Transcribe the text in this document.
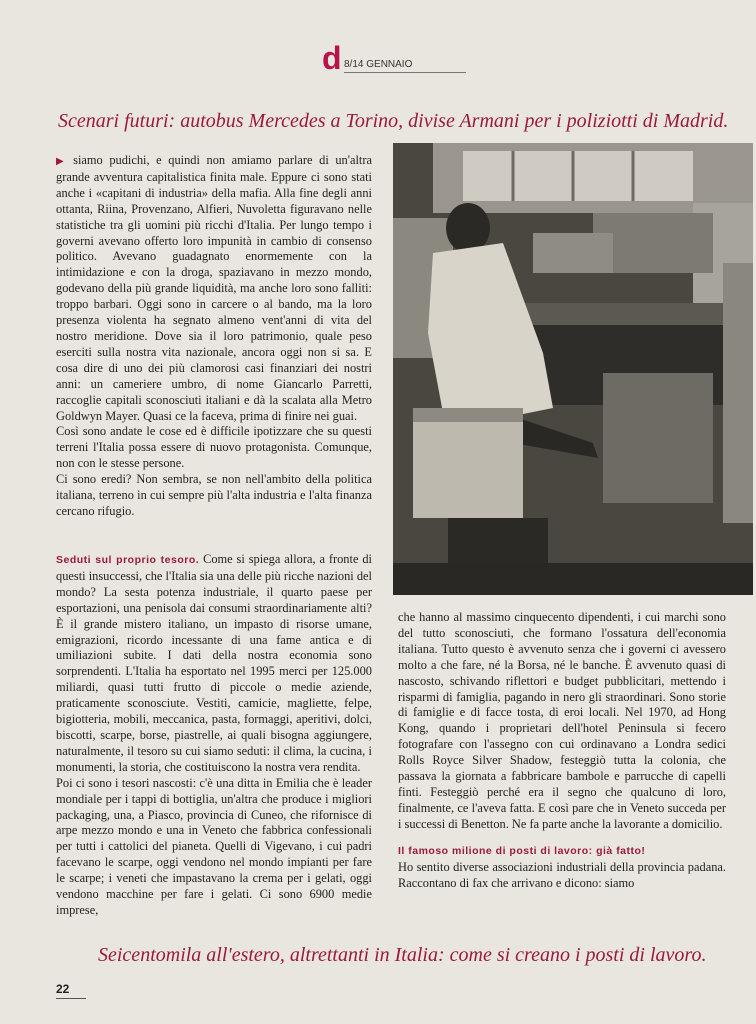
d 8/14 GENNAIO
Scenari futuri: autobus Mercedes a Torino, divise Armani per i poliziotti di Madrid.

▶ siamo pudichi, e quindi non amiamo parlare di un'altra grande avventura capitalistica finita male. Eppure ci sono stati anche i «capitani di industria» della mafia. Alla fine degli anni ottanta, Riina, Provenzano, Alfieri, Nuvoletta figuravano nelle statistiche tra gli uomini più ricchi d'Italia. Per lungo tempo i governi avevano offerto loro impunità in cambio di consenso politico. Avevano guadagnato enormemente con la intimidazione e con la droga, spaziavano in mezzo mondo, godevano della più grande liquidità, ma anche loro sono falliti: troppo barbari. Oggi sono in carcere o al bando, ma la loro presenza violenta ha segnato almeno vent'anni di vita del nostro meridione. Dove sia il loro patrimonio, quale peso eserciti sulla nostra vita nazionale, ancora oggi non si sa. E cosa dire di uno dei più clamorosi casi finanziari dei nostri anni: un cameriere umbro, di nome Giancarlo Parretti, raccoglie capitali sconosciuti italiani e dà la scalata alla Metro Goldwyn Mayer. Quasi ce la faceva, prima di finire nei guai.

Così sono andate le cose ed è difficile ipotizzare che su questi terreni l'Italia possa essere di nuovo protagonista. Comunque, non con le stesse persone.

Ci sono eredi? Non sembra, se non nell'ambito della politica italiana, terreno in cui sempre più l'alta industria e l'alta finanza cercano rifugio.

Seduti sul proprio tesoro. Come si spiega allora, a fronte di questi insuccessi, che l'Italia sia una delle più ricche nazioni del mondo? La sesta potenza industriale, il quarto paese per esportazioni, una penisola dai consumi straordinariamente alti? È il grande mistero italiano, un impasto di risorse umane, emigrazioni, ricordo incessante di una fame antica e di umiliazioni subite. I dati della nostra economia sono sorprendenti. L'Italia ha esportato nel 1995 merci per 125.000 miliardi, quasi tutti frutto di piccole o medie aziende, praticamente sconosciute. Vestiti, camicie, magliette, felpe, bigiotteria, mobili, meccanica, pasta, formaggi, aperitivi, dolci, biscotti, scarpe, borse, piastrelle, ai quali bisogna aggiungere, naturalmente, il tesoro su cui siamo seduti: il clima, la cucina, i monumenti, la storia, che costituiscono la nostra vera rendita.

Poi ci sono i tesori nascosti: c'è una ditta in Emilia che è leader mondiale per i tappi di bottiglia, un'altra che produce i migliori packaging, una, a Piasco, provincia di Cuneo, che rifornisce di arpe mezzo mondo e una in Veneto che fabbrica confessionali per tutti i cattolici del pianeta. Quelli di Vigevano, i cui padri facevano le scarpe, oggi vendono nel mondo impianti per fare le scarpe; i veneti che impastavano la crema per i gelati, oggi vendono macchine per fare i gelati. Ci sono 6900 medie imprese,

che hanno al massimo cinquecento dipendenti, i cui marchi sono del tutto sconosciuti, che formano l'ossatura dell'economia italiana. Tutto questo è avvenuto senza che i governi ci avessero molto a che fare, né la Borsa, né le banche. È avvenuto quasi di nascosto, schivando riflettori e budget pubblicitari, mettendo i risparmi di famiglia, pagando in nero gli straordinari. Sono storie di famiglie e di facce tosta, di eroi locali. Nel 1970, ad Hong Kong, quando i proprietari dell'hotel Peninsula si fecero fotografare con l'assegno con cui ordinavano a Londra sedici Rolls Royce Silver Shadow, festeggiò tutta la colonia, che passava la giornata a fabbricare bambole e parrucche di capelli finti. Festeggiò perché era il segno che qualcuno di loro, finalmente, ce l'aveva fatta. E così pare che in Veneto succeda per i successi di Benetton. Ne fa parte anche la lavorante a domicilio.

Il famoso milione di posti di lavoro: già fatto!

Ho sentito diverse associazioni industriali della provincia padana. Raccontano di fax che arrivano e dicono: siamo

Seicentomila all'estero, altrettanti in Italia: come si creano i posti di lavoro.
22
